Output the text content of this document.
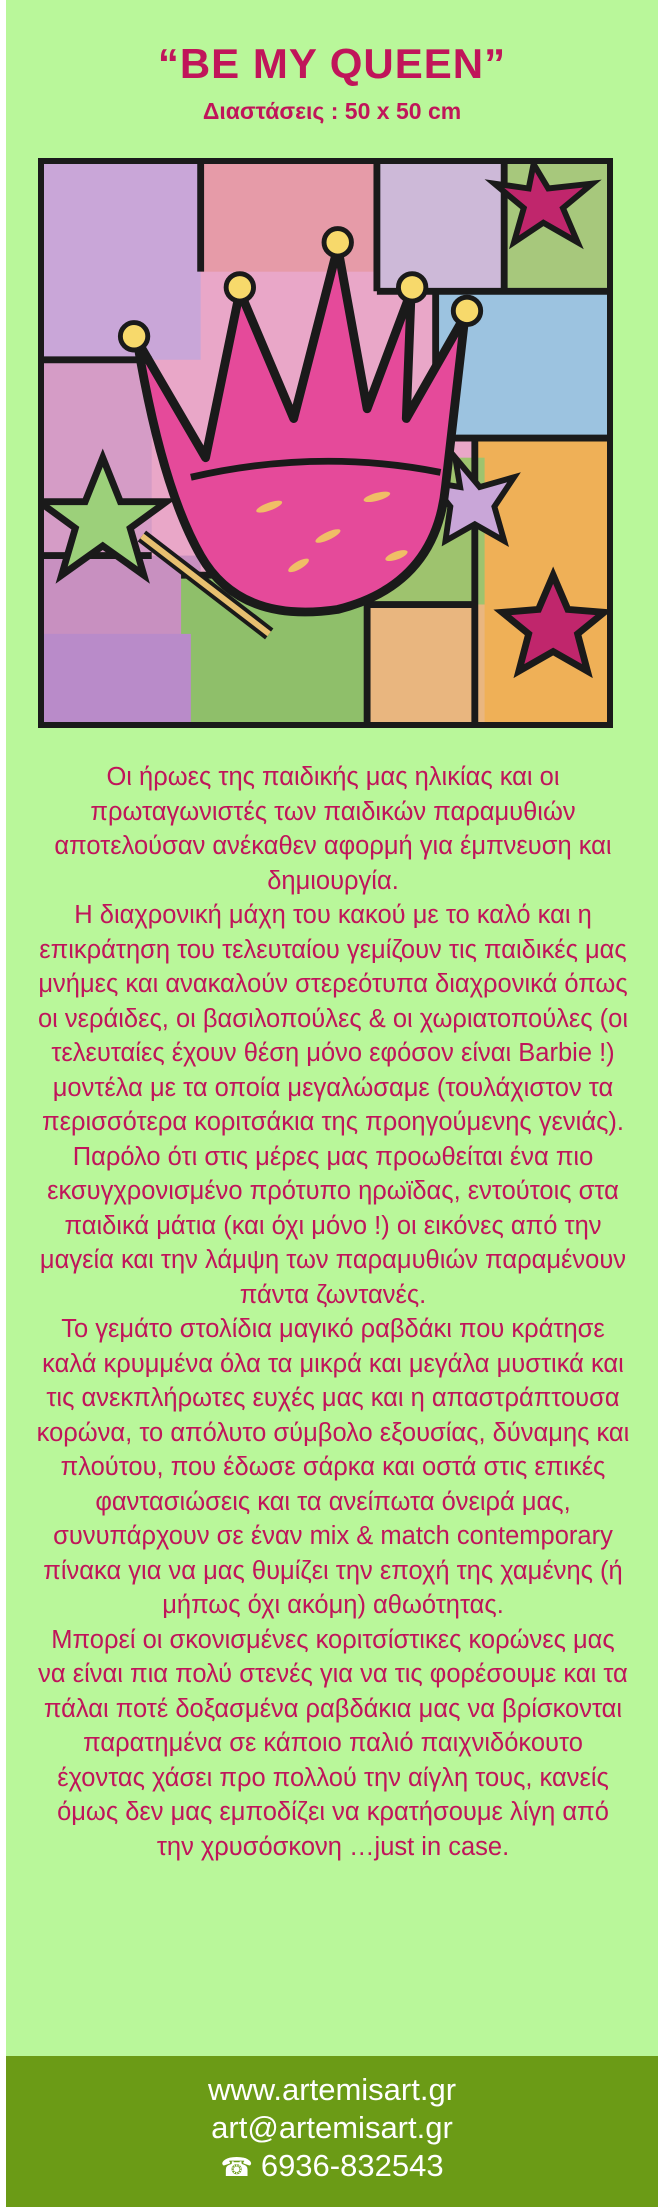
“BE MY QUEEN”
Διαστάσεις : 50 x 50 cm

Οι ήρωες της παιδικής μας ηλικίας και οι πρωταγωνιστές των παιδικών παραμυθιών αποτελούσαν ανέκαθεν αφορμή για έμπνευση και δημιουργία.

Η διαχρονική μάχη του κακού με το καλό και η επικράτηση του τελευταίου γεμίζουν τις παιδικές μας μνήμες και ανακαλούν στερεότυπα διαχρονικά όπως οι νεράιδες, οι βασιλοπούλες & οι χωριατοπούλες (οι τελευταίες έχουν θέση μόνο εφόσον είναι Barbie !) μοντέλα με τα οποία μεγαλώσαμε (τουλάχιστον τα περισσότερα κοριτσάκια της προηγούμενης γενιάς).

Παρόλο ότι στις μέρες μας προωθείται ένα πιο εκσυγχρονισμένο πρότυπο ηρωϊδας, εντούτοις στα παιδικά μάτια (και όχι μόνο !) οι εικόνες από την μαγεία και την λάμψη των παραμυθιών παραμένουν πάντα ζωντανές.

Το γεμάτο στολίδια μαγικό ραβδάκι που κράτησε καλά κρυμμένα όλα τα μικρά και μεγάλα μυστικά και τις ανεκπλήρωτες ευχές μας και η απαστράπτουσα κορώνα, το απόλυτο σύμβολο εξουσίας, δύναμης και πλούτου, που έδωσε σάρκα και οστά στις επικές φαντασιώσεις και τα ανείπωτα όνειρά μας, συνυπάρχουν σε έναν mix & match contemporary πίνακα για να μας θυμίζει την εποχή της χαμένης (ή μήπως όχι ακόμη) αθωότητας.

Μπορεί οι σκονισμένες κοριτσίστικες κορώνες μας να είναι πια πολύ στενές για να τις φορέσουμε και τα πάλαι ποτέ δοξασμένα ραβδάκια μας να βρίσκονται παρατημένα σε κάποιο παλιό παιχνιδόκουτο έχοντας χάσει προ πολλού την αίγλη τους, κανείς όμως δεν μας εμποδίζει να κρατήσουμε λίγη από την χρυσόσκονη …just in case.

www.artemisart.gr
art@artemisart.gr
☎ 6936-832543
